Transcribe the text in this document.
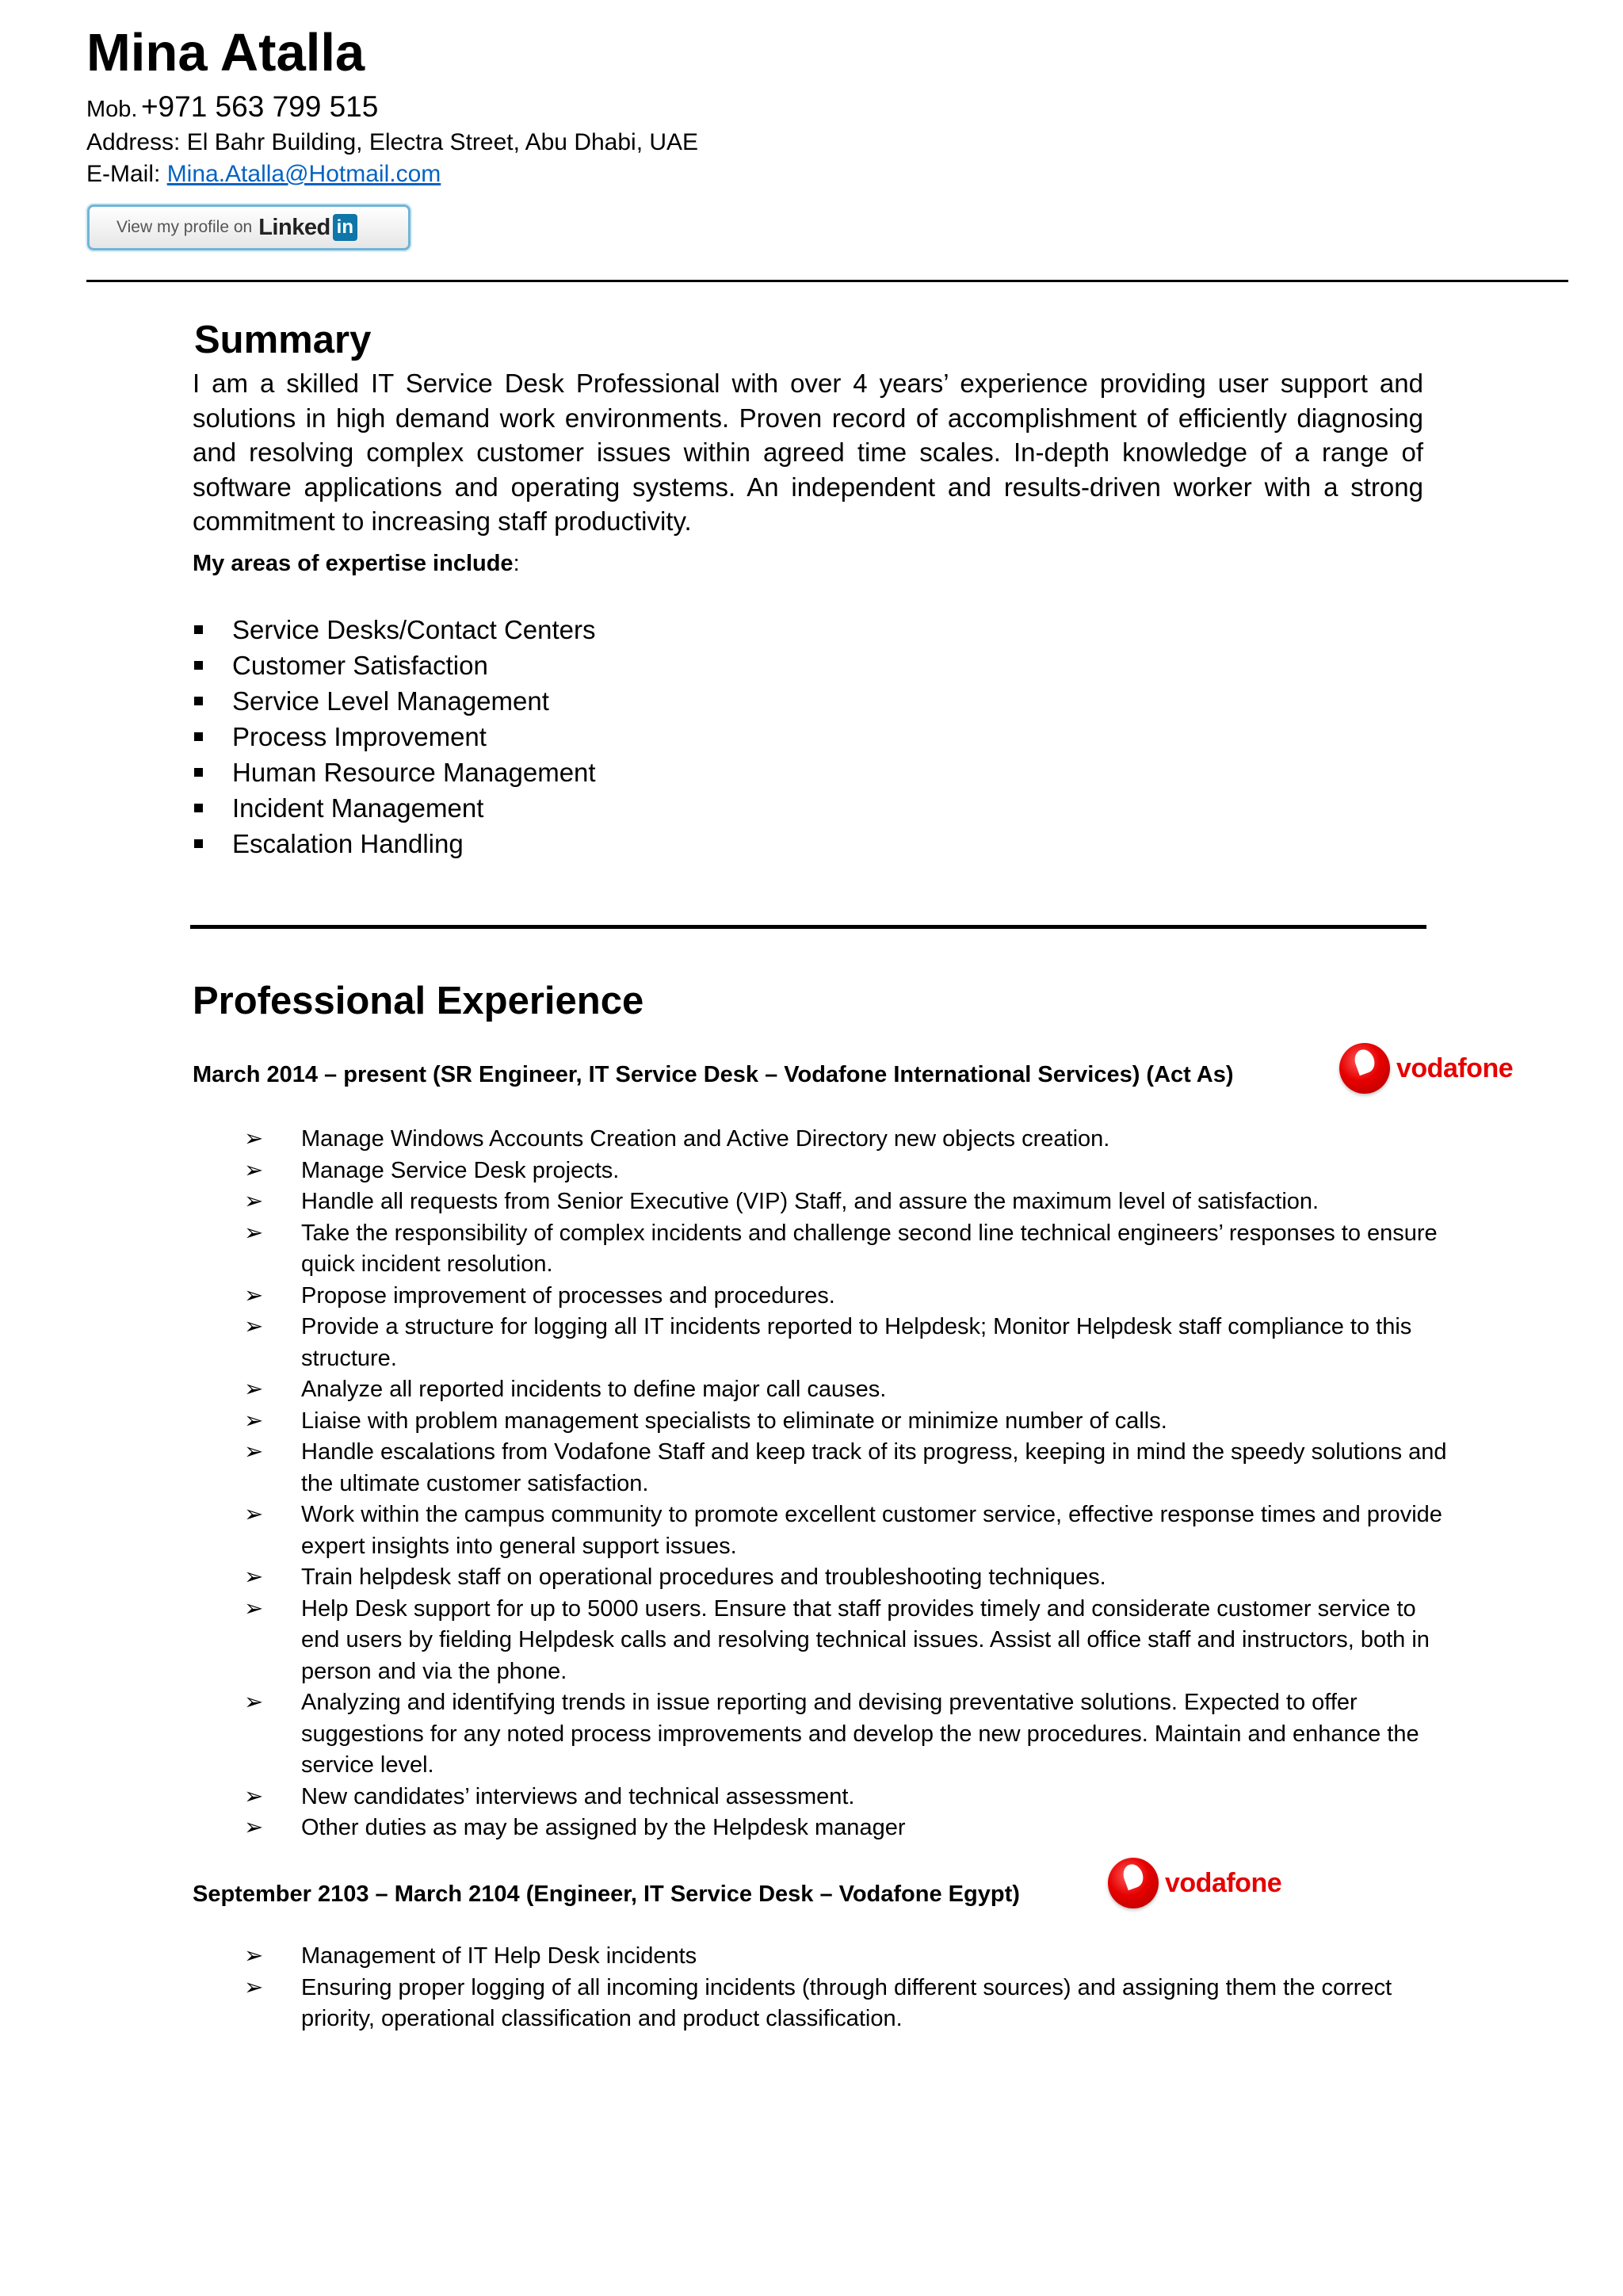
Mina Atalla
Mob. +971 563 799 515
Address: El Bahr Building, Electra Street, Abu Dhabi, UAE
E-Mail: Mina.Atalla@Hotmail.com
View my profile on Linked in
Summary

I am a skilled IT Service Desk Professional with over 4 years’ experience providing user support and solutions in high demand work environments. Proven record of accomplishment of efficiently diagnosing and resolving complex customer issues within agreed time scales. In-depth knowledge of a range of software applications and operating systems. An independent and results-driven worker with a strong commitment to increasing staff productivity.

My areas of expertise include:
Service Desks/Contact Centers
Customer Satisfaction
Service Level Management
Process Improvement
Human Resource Management
Incident Management
Escalation Handling
Professional Experience
March 2014 – present (SR Engineer, IT Service Desk – Vodafone International Services) (Act As)	vodafone
➢ Manage Windows Accounts Creation and Active Directory new objects creation.
➢ Manage Service Desk projects.
➢ Handle all requests from Senior Executive (VIP) Staff, and assure the maximum level of satisfaction.
➢ Take the responsibility of complex incidents and challenge second line technical engineers’ responses to ensure quick incident resolution.
➢ Propose improvement of processes and procedures.
➢ Provide a structure for logging all IT incidents reported to Helpdesk; Monitor Helpdesk staff compliance to this structure.
➢ Analyze all reported incidents to define major call causes.
➢ Liaise with problem management specialists to eliminate or minimize number of calls.
➢ Handle escalations from Vodafone Staff and keep track of its progress, keeping in mind the speedy solutions and the ultimate customer satisfaction.
➢ Work within the campus community to promote excellent customer service, effective response times and provide expert insights into general support issues.
➢ Train helpdesk staff on operational procedures and troubleshooting techniques.
➢ Help Desk support for up to 5000 users. Ensure that staff provides timely and considerate customer service to end users by fielding Helpdesk calls and resolving technical issues. Assist all office staff and instructors, both in person and via the phone.
➢ Analyzing and identifying trends in issue reporting and devising preventative solutions. Expected to offer suggestions for any noted process improvements and develop the new procedures. Maintain and enhance the service level.
➢ New candidates’ interviews and technical assessment.
➢ Other duties as may be assigned by the Helpdesk manager
September 2103 – March 2104 (Engineer, IT Service Desk – Vodafone Egypt)	vodafone
➢ Management of IT Help Desk incidents
➢ Ensuring proper logging of all incoming incidents (through different sources) and assigning them the correct priority, operational classification and product classification.
